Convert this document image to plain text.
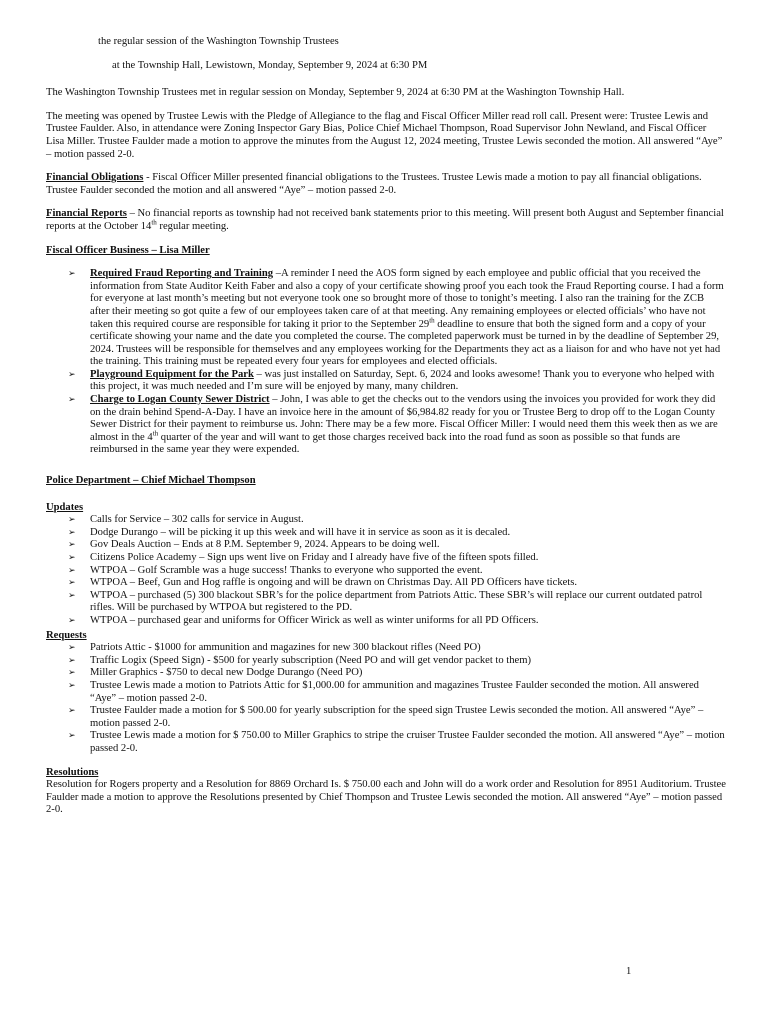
the regular session of the Washington Township Trustees

at the Township Hall, Lewistown, Monday, September 9, 2024 at 6:30 PM

The Washington Township Trustees met in regular session on Monday, September 9, 2024 at 6:30 PM at the Washington Township Hall.

The meeting was opened by Trustee Lewis with the Pledge of Allegiance to the flag and Fiscal Officer Miller read roll call. Present were: Trustee Lewis and Trustee Faulder. Also, in attendance were Zoning Inspector Gary Bias, Police Chief Michael Thompson, Road Supervisor John Newland, and Fiscal Officer Lisa Miller. Trustee Faulder made a motion to approve the minutes from the August 12, 2024 meeting, Trustee Lewis seconded the motion. All answered “Aye” – motion passed 2-0.

Financial Obligations - Fiscal Officer Miller presented financial obligations to the Trustees. Trustee Lewis made a motion to pay all financial obligations. Trustee Faulder seconded the motion and all answered “Aye” – motion passed 2-0.

Financial Reports – No financial reports as township had not received bank statements prior to this meeting. Will present both August and September financial reports at the October 14th regular meeting.

Fiscal Officer Business – Lisa Miller

➢ Required Fraud Reporting and Training –A reminder I need the AOS form signed by each employee and public official that you received the information from State Auditor Keith Faber and also a copy of your certificate showing proof you each took the Fraud Reporting course. I had a form for everyone at last month’s meeting but not everyone took one so brought more of those to tonight’s meeting. I also ran the training for the ZCB after their meeting so got quite a few of our employees taken care of at that meeting. Any remaining employees or elected officials’ who have not taken this required course are responsible for taking it prior to the September 29th deadline to ensure that both the signed form and a copy of your certificate showing your name and the date you completed the course. The completed paperwork must be turned in by the deadline of September 29, 2024. Trustees will be responsible for themselves and any employees working for the Departments they act as a liaison for and who have not yet had the training. This training must be repeated every four years for employees and elected officials.
➢ Playground Equipment for the Park – was just installed on Saturday, Sept. 6, 2024 and looks awesome! Thank you to everyone who helped with this project, it was much needed and I’m sure will be enjoyed by many, many children.
➢ Charge to Logan County Sewer District – John, I was able to get the checks out to the vendors using the invoices you provided for work they did on the drain behind Spend-A-Day. I have an invoice here in the amount of $6,984.82 ready for you or Trustee Berg to drop off to the Logan County Sewer District for their payment to reimburse us. John: There may be a few more. Fiscal Officer Miller: I would need them this week then as we are almost in the 4th quarter of the year and will want to get those charges received back into the road fund as soon as possible so that funds are reimbursed in the same year they were expended.

Police Department – Chief Michael Thompson

Updates

➢ Calls for Service – 302 calls for service in August.
➢ Dodge Durango – will be picking it up this week and will have it in service as soon as it is decaled.
➢ Gov Deals Auction – Ends at 8 P.M. September 9, 2024. Appears to be doing well.
➢ Citizens Police Academy – Sign ups went live on Friday and I already have five of the fifteen spots filled.
➢ WTPOA – Golf Scramble was a huge success! Thanks to everyone who supported the event.
➢ WTPOA – Beef, Gun and Hog raffle is ongoing and will be drawn on Christmas Day. All PD Officers have tickets.
➢ WTPOA – purchased (5) 300 blackout SBR’s for the police department from Patriots Attic. These SBR’s will replace our current outdated patrol rifles. Will be purchased by WTPOA but registered to the PD.
➢ WTPOA – purchased gear and uniforms for Officer Wirick as well as winter uniforms for all PD Officers.

Requests

➢ Patriots Attic - $1000 for ammunition and magazines for new 300 blackout rifles (Need PO)
➢ Traffic Logix (Speed Sign) - $500 for yearly subscription (Need PO and will get vendor packet to them)
➢ Miller Graphics - $750 to decal new Dodge Durango (Need PO)
➢ Trustee Lewis made a motion to Patriots Attic for $1,000.00 for ammunition and magazines Trustee Faulder seconded the motion. All answered “Aye” – motion passed 2-0.
➢ Trustee Faulder made a motion for $ 500.00 for yearly subscription for the speed sign Trustee Lewis seconded the motion. All answered “Aye” – motion passed 2-0.
➢ Trustee Lewis made a motion for $ 750.00 to Miller Graphics to stripe the cruiser Trustee Faulder seconded the motion. All answered “Aye” – motion passed 2-0.

Resolutions

Resolution for Rogers property and a Resolution for 8869 Orchard Is. $ 750.00 each and John will do a work order and Resolution for 8951 Auditorium. Trustee Faulder made a motion to approve the Resolutions presented by Chief Thompson and Trustee Lewis seconded the motion. All answered “Aye” – motion passed 2-0.

1
